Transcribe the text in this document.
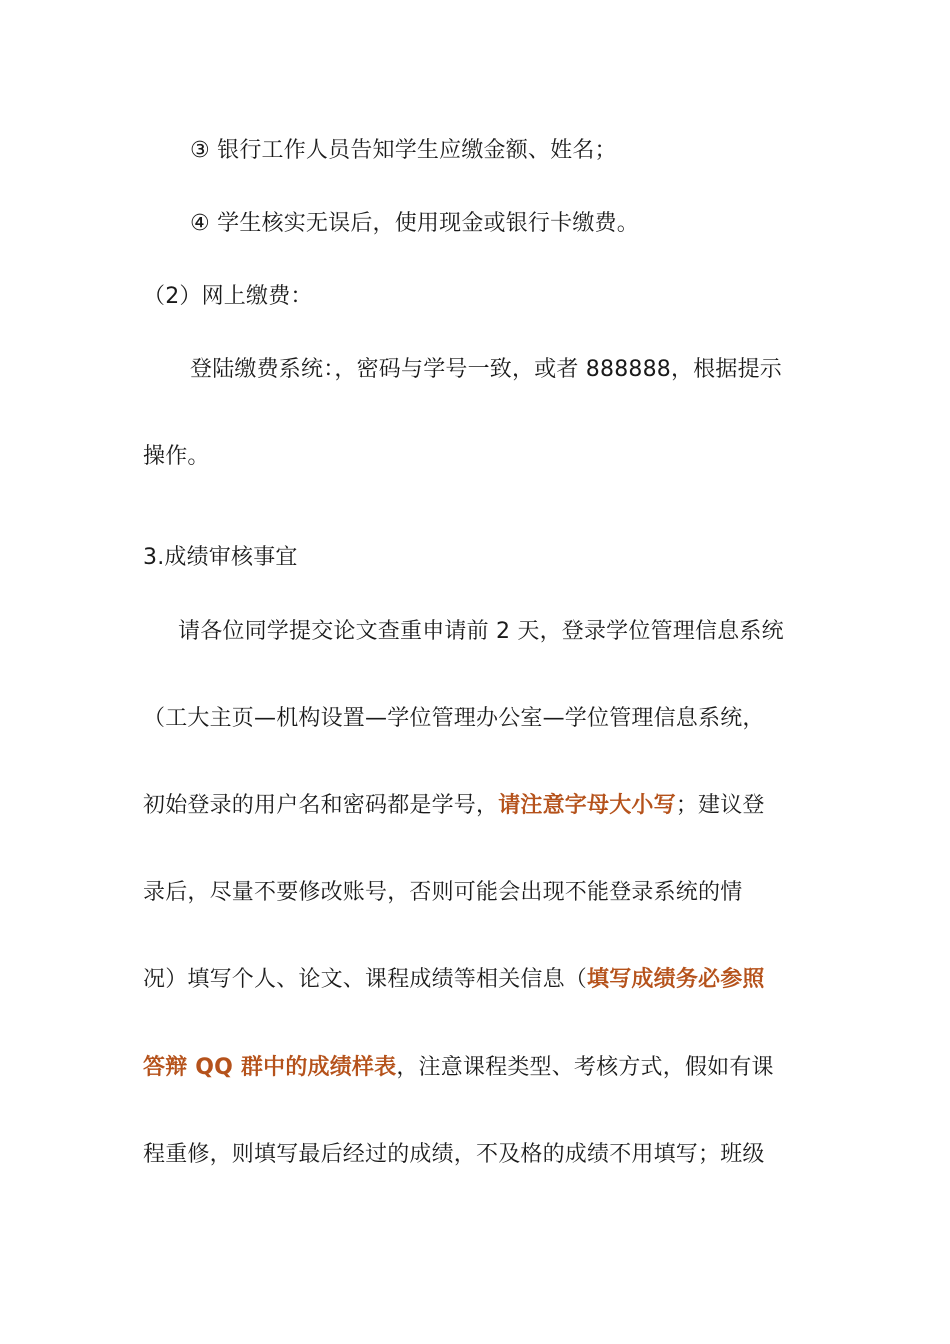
③ 银行工作人员告知学生应缴金额、姓名；
④ 学生核实无误后，使用现金或银行卡缴费。
（2）网上缴费：
登陆缴费系统：，密码与学号一致，或者 888888，根据提示
操作。
3.成绩审核事宜
请各位同学提交论文查重申请前 2 天，登录学位管理信息系统
（工大主页—机构设置—学位管理办公室—学位管理信息系统，
初始登录的用户名和密码都是学号，请注意字母大小写；建议登
录后，尽量不要修改账号，否则可能会出现不能登录系统的情
况）填写个人、论文、课程成绩等相关信息（填写成绩务必参照
答辩 QQ 群中的成绩样表，注意课程类型、考核方式，假如有课
程重修，则填写最后经过的成绩，不及格的成绩不用填写；班级
